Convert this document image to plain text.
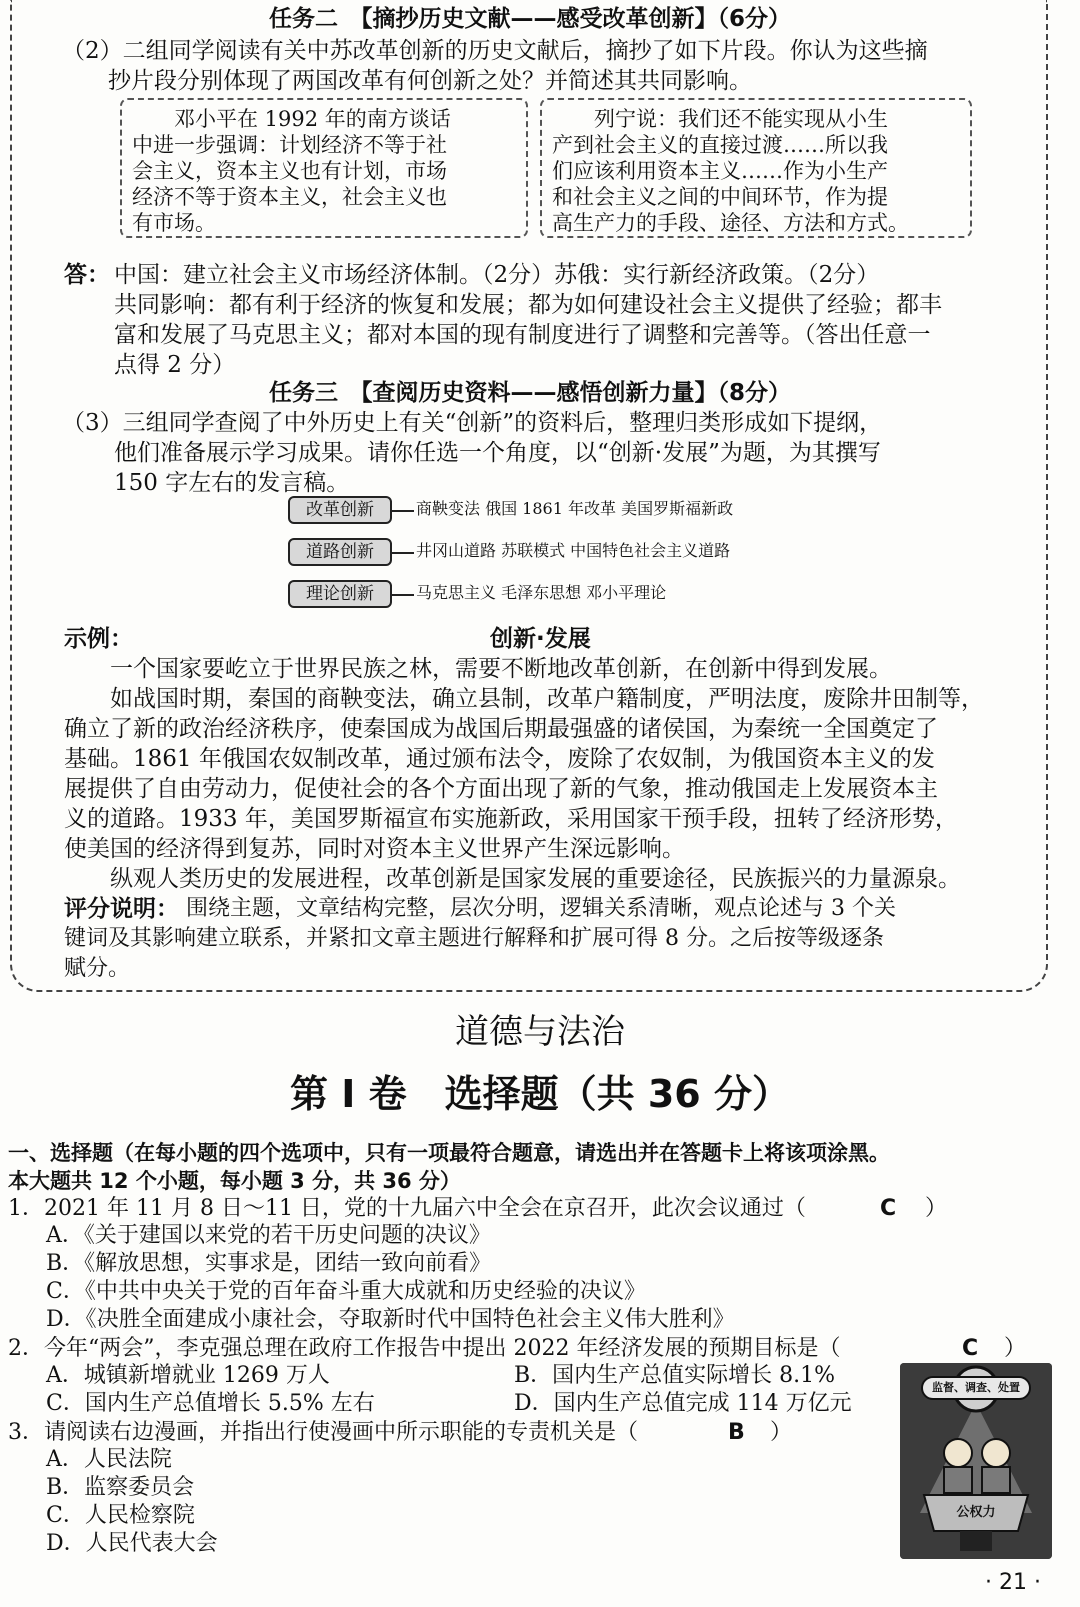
任务二　【摘抄历史文献——感受改革创新】（6分）
（2）二组同学阅读有关中苏改革创新的历史文献后，摘抄了如下片段。你认为这些摘
　　抄片段分别体现了两国改革有何创新之处？并简述其共同影响。
　　邓小平在 1992 年的南方谈话
中进一步强调：计划经济不等于社
会主义，资本主义也有计划，市场
经济不等于资本主义，社会主义也
有市场。
　　列宁说：我们还不能实现从小生
产到社会主义的直接过渡……所以我
们应该利用资本主义……作为小生产
和社会主义之间的中间环节，作为提
高生产力的手段、途径、方法和方式。
答： 中国：建立社会主义市场经济体制。（2分）苏俄：实行新经济政策。（2分）
共同影响：都有利于经济的恢复和发展；都为如何建设社会主义提供了经验；都丰
富和发展了马克思主义；都对本国的现有制度进行了调整和完善等。（答出任意一
点得 2 分）
任务三　【查阅历史资料——感悟创新力量】（8分）
（3）三组同学查阅了中外历史上有关“创新”的资料后，整理归类形成如下提纲，
他们准备展示学习成果。请你任选一个角度，以“创新·发展”为题，为其撰写
150 字左右的发言稿。
改革创新	商鞅变法 俄国 1861 年改革 美国罗斯福新政
道路创新	井冈山道路 苏联模式 中国特色社会主义道路
理论创新	马克思主义 毛泽东思想 邓小平理论
示例：	创新·发展
　　一个国家要屹立于世界民族之林，需要不断地改革创新，在创新中得到发展。
　　如战国时期，秦国的商鞅变法，确立县制，改革户籍制度，严明法度，废除井田制等，
确立了新的政治经济秩序，使秦国成为战国后期最强盛的诸侯国，为秦统一全国奠定了
基础。1861 年俄国农奴制改革，通过颁布法令，废除了农奴制，为俄国资本主义的发
展提供了自由劳动力，促使社会的各个方面出现了新的气象，推动俄国走上发展资本主
义的道路。1933 年，美国罗斯福宣布实施新政，采用国家干预手段，扭转了经济形势，
使美国的经济得到复苏，同时对资本主义世界产生深远影响。
　　纵观人类历史的发展进程，改革创新是国家发展的重要途径，民族振兴的力量源泉。
评分说明： 围绕主题，文章结构完整，层次分明，逻辑关系清晰，观点论述与 3 个关
键词及其影响建立联系，并紧扣文章主题进行解释和扩展可得 8 分。之后按等级逐条
赋分。
道德与法治
第 I 卷　选择题（共 36 分）
一、选择题（在每小题的四个选项中，只有一项最符合题意，请选出并在答题卡上将该项涂黑。
本大题共 12 个小题，每小题 3 分，共 36 分）
1．2021 年 11 月 8 日～11 日，党的十九届六中全会在京召开，此次会议通过（	C ）
A．《关于建国以来党的若干历史问题的决议》
B．《解放思想，实事求是，团结一致向前看》
C．《中共中央关于党的百年奋斗重大成就和历史经验的决议》
D．《决胜全面建成小康社会，夺取新时代中国特色社会主义伟大胜利》
2．今年“两会”，李克强总理在政府工作报告中提出 2022 年经济发展的预期目标是（	C ）
A．城镇新增就业 1269 万人	B．国内生产总值实际增长 8.1%
C．国内生产总值增长 5.5% 左右	D．国内生产总值完成 114 万亿元
3．请阅读右边漫画，并指出行使漫画中所示职能的专责机关是（	B ）
A．人民法院
B．监察委员会
C．人民检察院
D．人民代表大会
监督、调查、处置
公权力
· 21 ·
